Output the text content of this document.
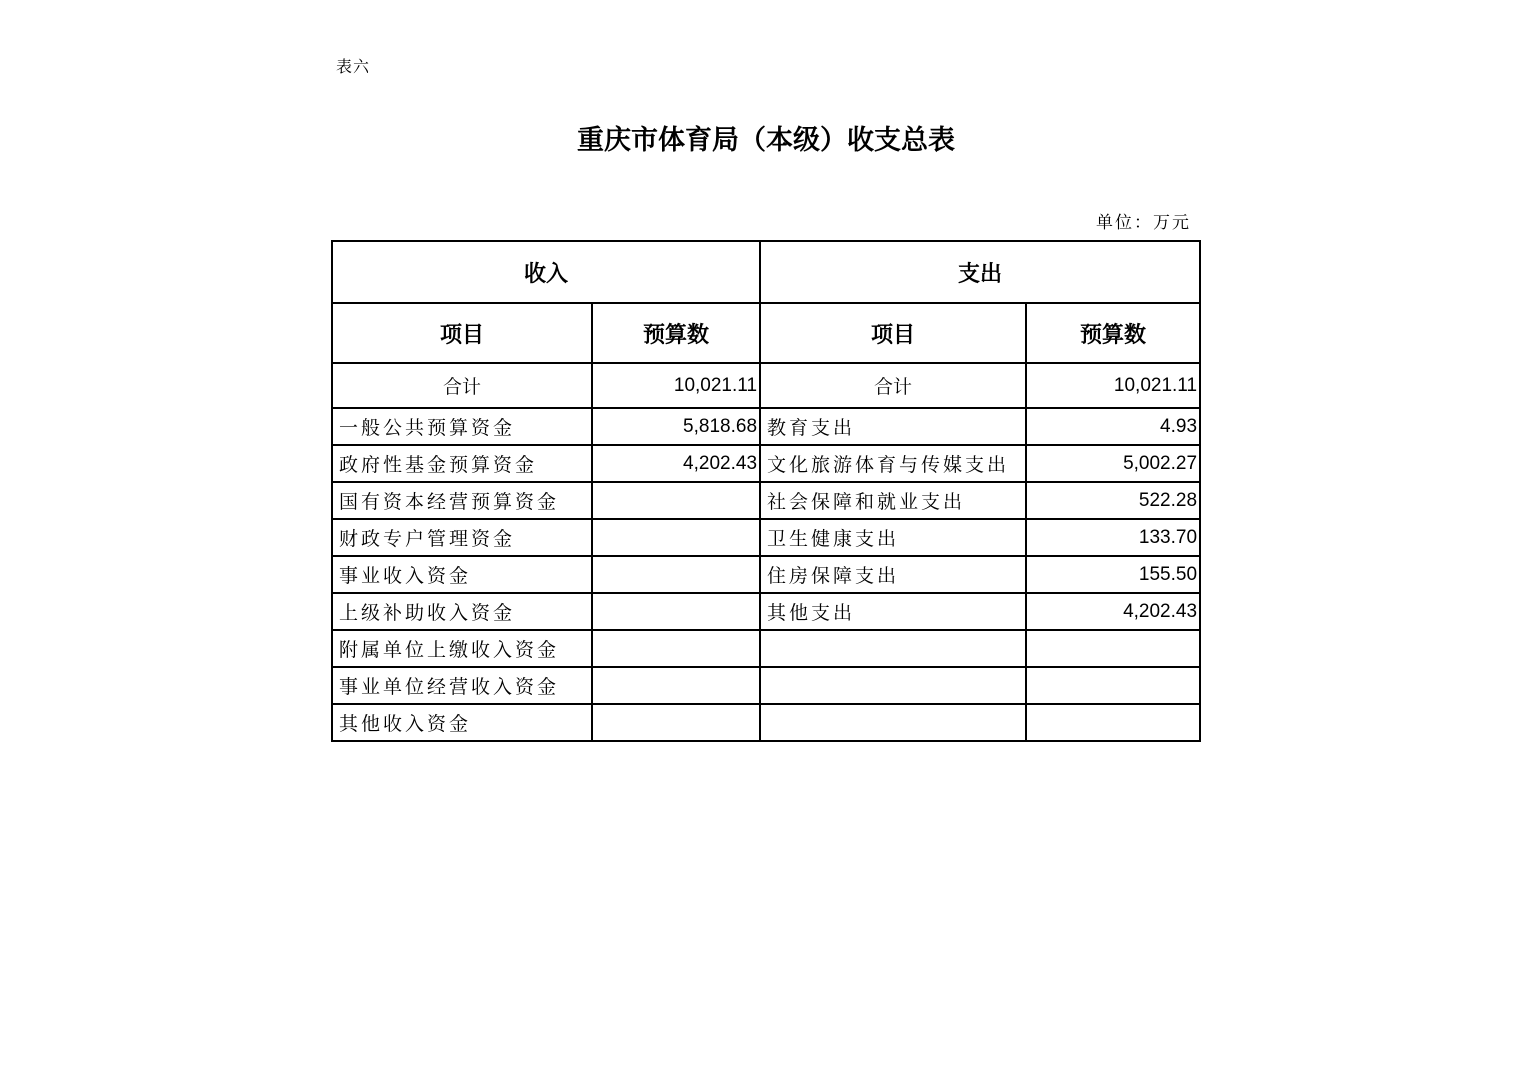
表六
重庆市体育局（本级）收支总表
单位：万元
收入		支出	
项目	预算数	项目	预算数
合计	10,021.11	合计	10,021.11
一般公共预算资金	5,818.68	教育支出	4.93
政府性基金预算资金	4,202.43	文化旅游体育与传媒支出	5,002.27
国有资本经营预算资金		社会保障和就业支出	522.28
财政专户管理资金		卫生健康支出	133.70
事业收入资金		住房保障支出	155.50
上级补助收入资金		其他支出	4,202.43
附属单位上缴收入资金			
事业单位经营收入资金			
其他收入资金			
